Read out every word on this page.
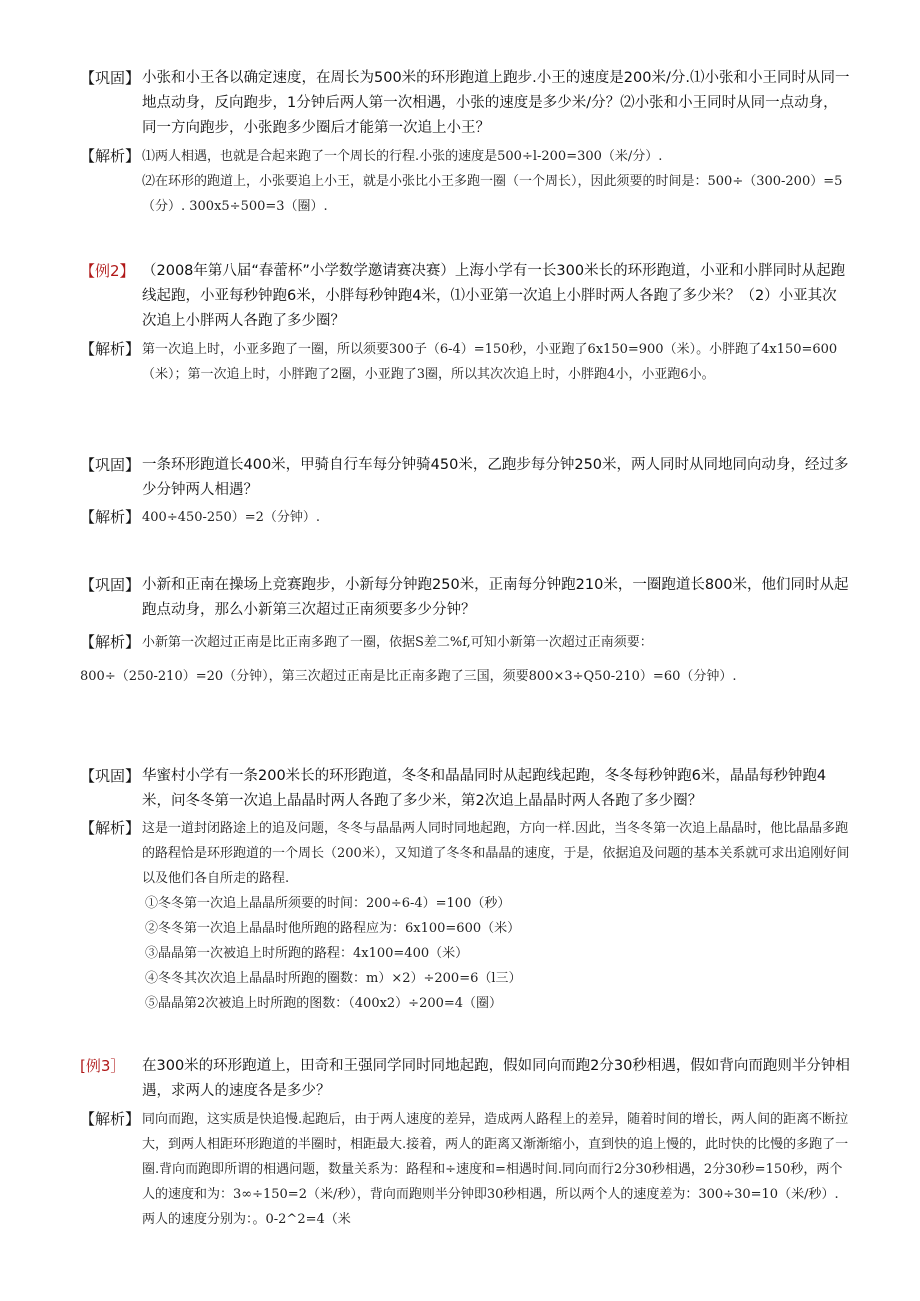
【巩固】 小张和小王各以确定速度，在周长为500米的环形跑道上跑步.小王的速度是200米/分.⑴小张和小王同时从同一地点动身，反向跑步，1分钟后两人第一次相遇，小张的速度是多少米/分？⑵小张和小王同时从同一点动身，同一方向跑步，小张跑多少圈后才能第一次追上小王？
【解析】 ⑴两人相遇，也就是合起来跑了一个周长的行程.小张的速度是500÷l-200=300（米/分）.

⑵在环形的跑道上，小张要追上小王，就是小张比小王多跑一圈（一个周长），因此须要的时间是：500÷（300-200）=5（分）. 300x5÷500=3（圈）.

【例2】 （2008年第八届“春蕾杯”小学数学邀请赛决赛）上海小学有一长300米长的环形跑道，小亚和小胖同时从起跑线起跑，小亚每秒钟跑6米，小胖每秒钟跑4米，⑴小亚第一次追上小胖时两人各跑了多少米？（2）小亚其次次追上小胖两人各跑了多少圈？
【解析】 第一次追上时，小亚多跑了一圈，所以须要300子（6-4）=150秒，小亚跑了6x150=900（米）。小胖跑了4x150=600（米）；第一次追上时，小胖跑了2圈，小亚跑了3圈，所以其次次追上时，小胖跑4小，小亚跑6小。

【巩固】 一条环形跑道长400米，甲骑自行车每分钟骑450米，乙跑步每分钟250米，两人同时从同地同向动身，经过多少分钟两人相遇？
【解析】 400÷450-250）=2（分钟）.

【巩固】 小新和正南在操场上竞赛跑步，小新每分钟跑250米，正南每分钟跑210米，一圈跑道长800米，他们同时从起跑点动身，那么小新第三次超过正南须要多少分钟？
【解析】 小新第一次超过正南是比正南多跑了一圈，依据S差二%f,可知小新第一次超过正南须要：

800÷（250-210）=20（分钟），第三次超过正南是比正南多跑了三国，须要800×3÷Q50-210）=60（分钟）.

【巩固】 华蜜村小学有一条200米长的环形跑道，冬冬和晶晶同时从起跑线起跑，冬冬每秒钟跑6米，晶晶每秒钟跑4米，问冬冬第一次追上晶晶时两人各跑了多少米，第2次追上晶晶时两人各跑了多少圈？
【解析】 这是一道封闭路途上的追及问题，冬冬与晶晶两人同时同地起跑，方向一样.因此，当冬冬第一次追上晶晶时，他比晶晶多跑的路程恰是环形跑道的一个周长（200米），又知道了冬冬和晶晶的速度，于是，依据追及问题的基本关系就可求出追刚好间以及他们各自所走的路程.

①冬冬第一次追上晶晶所须要的时间：200÷6-4）=100（秒）

②冬冬第一次追上晶晶时他所跑的路程应为：6x100=600（米）

③晶晶第一次被追上时所跑的路程：4x100=400（米）

④冬冬其次次追上晶晶时所跑的圈数：m）×2）÷200=6（l三）

⑤晶晶第2次被追上时所跑的图数：（400x2）÷200=4（圈）

[例3］	在300米的环形跑道上，田奇和王强同学同时同地起跑，假如同向而跑2分30秒相遇，假如背向而跑则半分钟相遇，求两人的速度各是多少？
【解析】 同向而跑，这实质是快追慢.起跑后，由于两人速度的差异，造成两人路程上的差异，随着时间的增长，两人间的距离不断拉大，到两人相距环形跑道的半圈时，相距最大.接着，两人的距离又渐渐缩小，直到快的追上慢的，此时快的比慢的多跑了一圈.背向而跑即所谓的相遇问题，数量关系为：路程和÷速度和=相遇时间.同向而行2分30秒相遇，2分30秒=150秒，两个人的速度和为：3∞÷150=2（米/秒），背向而跑则半分钟即30秒相遇，所以两个人的速度差为：300÷30=10（米/秒）.两人的速度分别为：。0-2^2=4（米
